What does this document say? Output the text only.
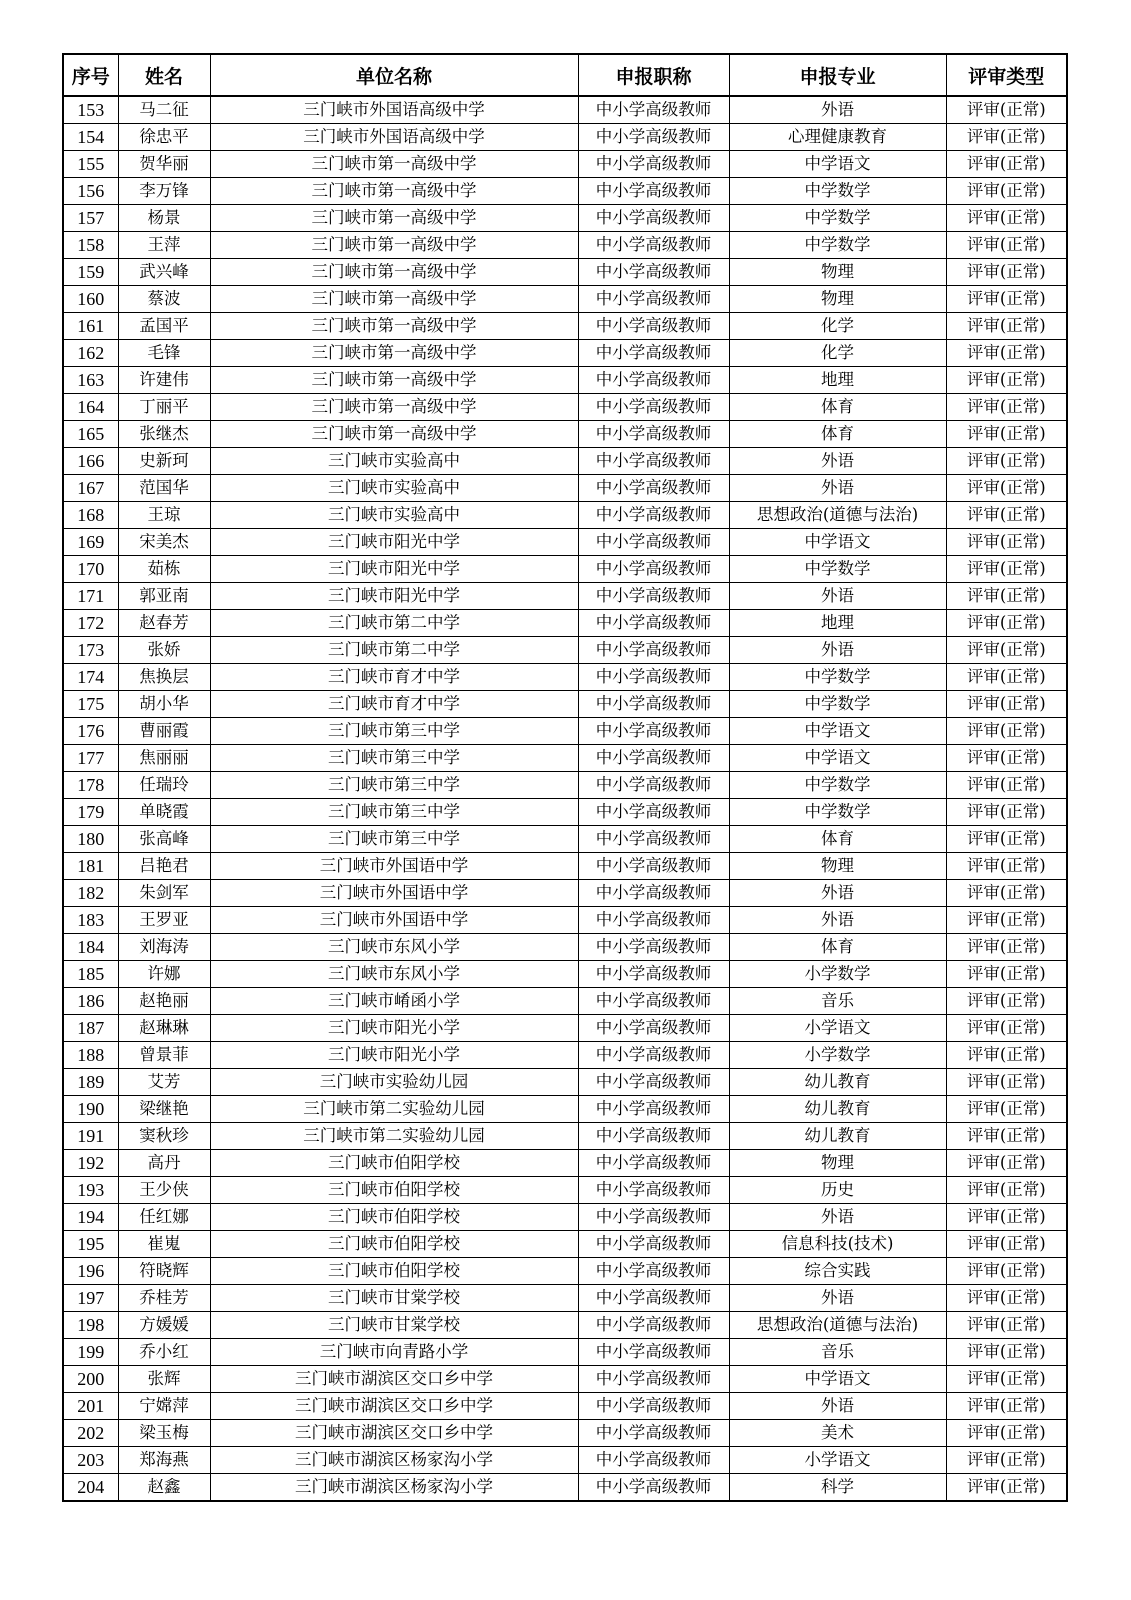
序号	姓名	单位名称	申报职称	申报专业	评审类型
153	马二征	三门峡市外国语高级中学	中小学高级教师	外语	评审(正常)
154	徐忠平	三门峡市外国语高级中学	中小学高级教师	心理健康教育	评审(正常)
155	贺华丽	三门峡市第一高级中学	中小学高级教师	中学语文	评审(正常)
156	李万锋	三门峡市第一高级中学	中小学高级教师	中学数学	评审(正常)
157	杨景	三门峡市第一高级中学	中小学高级教师	中学数学	评审(正常)
158	王萍	三门峡市第一高级中学	中小学高级教师	中学数学	评审(正常)
159	武兴峰	三门峡市第一高级中学	中小学高级教师	物理	评审(正常)
160	蔡波	三门峡市第一高级中学	中小学高级教师	物理	评审(正常)
161	孟国平	三门峡市第一高级中学	中小学高级教师	化学	评审(正常)
162	毛锋	三门峡市第一高级中学	中小学高级教师	化学	评审(正常)
163	许建伟	三门峡市第一高级中学	中小学高级教师	地理	评审(正常)
164	丁丽平	三门峡市第一高级中学	中小学高级教师	体育	评审(正常)
165	张继杰	三门峡市第一高级中学	中小学高级教师	体育	评审(正常)
166	史新珂	三门峡市实验高中	中小学高级教师	外语	评审(正常)
167	范国华	三门峡市实验高中	中小学高级教师	外语	评审(正常)
168	王琼	三门峡市实验高中	中小学高级教师	思想政治(道德与法治)	评审(正常)
169	宋美杰	三门峡市阳光中学	中小学高级教师	中学语文	评审(正常)
170	茹栋	三门峡市阳光中学	中小学高级教师	中学数学	评审(正常)
171	郭亚南	三门峡市阳光中学	中小学高级教师	外语	评审(正常)
172	赵春芳	三门峡市第二中学	中小学高级教师	地理	评审(正常)
173	张娇	三门峡市第二中学	中小学高级教师	外语	评审(正常)
174	焦换层	三门峡市育才中学	中小学高级教师	中学数学	评审(正常)
175	胡小华	三门峡市育才中学	中小学高级教师	中学数学	评审(正常)
176	曹丽霞	三门峡市第三中学	中小学高级教师	中学语文	评审(正常)
177	焦丽丽	三门峡市第三中学	中小学高级教师	中学语文	评审(正常)
178	任瑞玲	三门峡市第三中学	中小学高级教师	中学数学	评审(正常)
179	单晓霞	三门峡市第三中学	中小学高级教师	中学数学	评审(正常)
180	张高峰	三门峡市第三中学	中小学高级教师	体育	评审(正常)
181	吕艳君	三门峡市外国语中学	中小学高级教师	物理	评审(正常)
182	朱剑军	三门峡市外国语中学	中小学高级教师	外语	评审(正常)
183	王罗亚	三门峡市外国语中学	中小学高级教师	外语	评审(正常)
184	刘海涛	三门峡市东风小学	中小学高级教师	体育	评审(正常)
185	许娜	三门峡市东风小学	中小学高级教师	小学数学	评审(正常)
186	赵艳丽	三门峡市崤函小学	中小学高级教师	音乐	评审(正常)
187	赵琳琳	三门峡市阳光小学	中小学高级教师	小学语文	评审(正常)
188	曾景菲	三门峡市阳光小学	中小学高级教师	小学数学	评审(正常)
189	艾芳	三门峡市实验幼儿园	中小学高级教师	幼儿教育	评审(正常)
190	梁继艳	三门峡市第二实验幼儿园	中小学高级教师	幼儿教育	评审(正常)
191	窦秋珍	三门峡市第二实验幼儿园	中小学高级教师	幼儿教育	评审(正常)
192	高丹	三门峡市伯阳学校	中小学高级教师	物理	评审(正常)
193	王少侠	三门峡市伯阳学校	中小学高级教师	历史	评审(正常)
194	任红娜	三门峡市伯阳学校	中小学高级教师	外语	评审(正常)
195	崔嵬	三门峡市伯阳学校	中小学高级教师	信息科技(技术)	评审(正常)
196	符晓辉	三门峡市伯阳学校	中小学高级教师	综合实践	评审(正常)
197	乔桂芳	三门峡市甘棠学校	中小学高级教师	外语	评审(正常)
198	方媛媛	三门峡市甘棠学校	中小学高级教师	思想政治(道德与法治)	评审(正常)
199	乔小红	三门峡市向青路小学	中小学高级教师	音乐	评审(正常)
200	张辉	三门峡市湖滨区交口乡中学	中小学高级教师	中学语文	评审(正常)
201	宁嫦萍	三门峡市湖滨区交口乡中学	中小学高级教师	外语	评审(正常)
202	梁玉梅	三门峡市湖滨区交口乡中学	中小学高级教师	美术	评审(正常)
203	郑海燕	三门峡市湖滨区杨家沟小学	中小学高级教师	小学语文	评审(正常)
204	赵鑫	三门峡市湖滨区杨家沟小学	中小学高级教师	科学	评审(正常)
